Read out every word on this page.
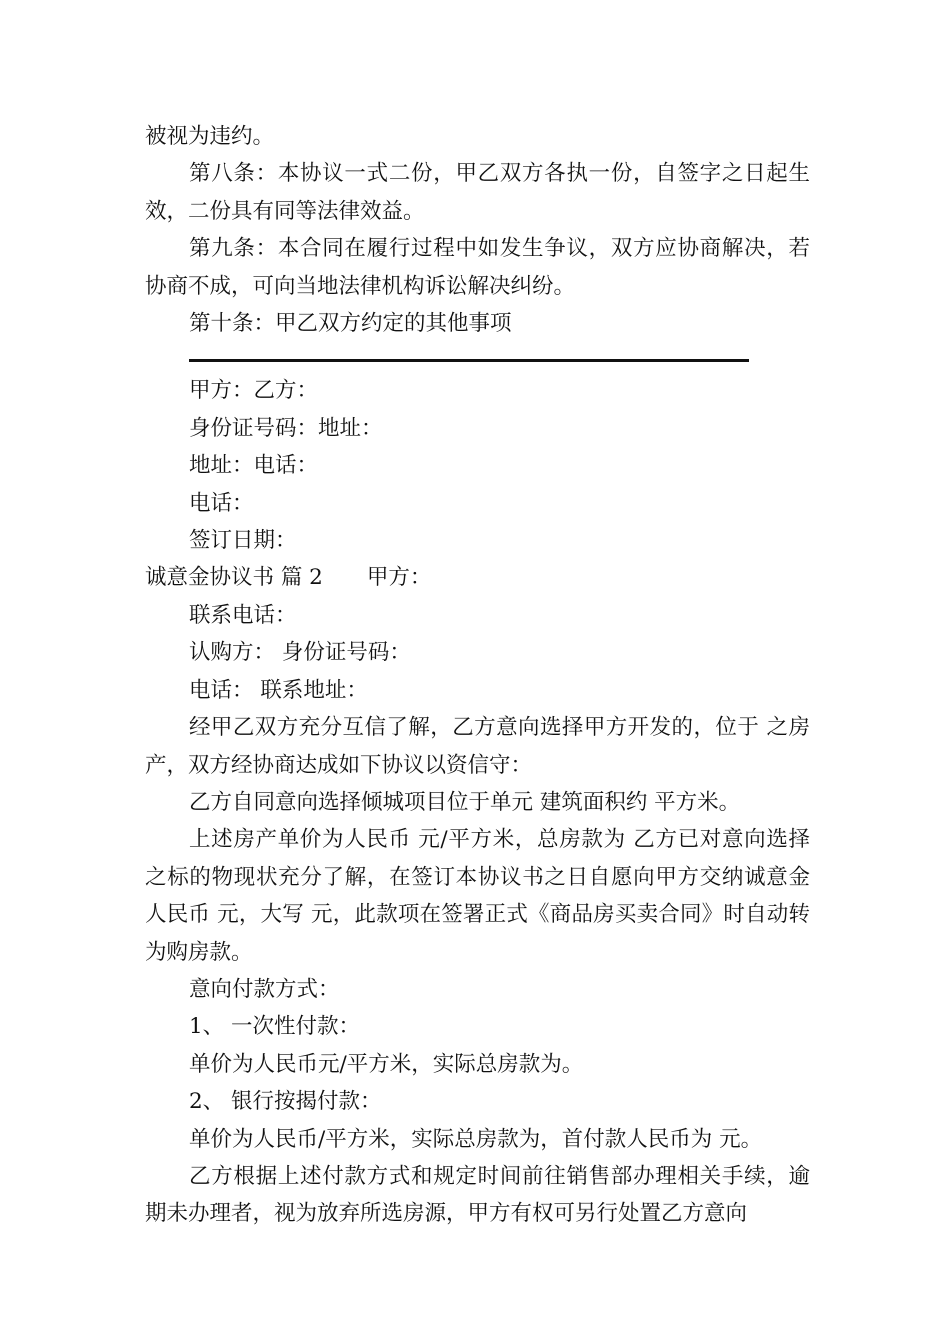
被视为违约。

第八条：本协议一式二份，甲乙双方各执一份，自签字之日起生效，二份具有同等法律效益。

第九条：本合同在履行过程中如发生争议，双方应协商解决，若协商不成，可向当地法律机构诉讼解决纠纷。

第十条：甲乙双方约定的其他事项

甲方：乙方：

身份证号码：地址：

地址：电话：

电话：

签订日期：

诚意金协议书 篇 2 甲方：

联系电话：

认购方： 身份证号码：

电话： 联系地址：

经甲乙双方充分互信了解，乙方意向选择甲方开发的，位于 之房产，双方经协商达成如下协议以资信守：

乙方自同意向选择倾城项目位于单元 建筑面积约 平方米。

上述房产单价为人民币 元/平方米，总房款为 乙方已对意向选择之标的物现状充分了解，在签订本协议书之日自愿向甲方交纳诚意金人民币 元，大写 元，此款项在签署正式《商品房买卖合同》时自动转为购房款。

意向付款方式：

1、 一次性付款：

单价为人民币元/平方米，实际总房款为。

2、 银行按揭付款：

单价为人民币/平方米，实际总房款为，首付款人民币为 元。

乙方根据上述付款方式和规定时间前往销售部办理相关手续，逾期未办理者，视为放弃所选房源，甲方有权可另行处置乙方意向
